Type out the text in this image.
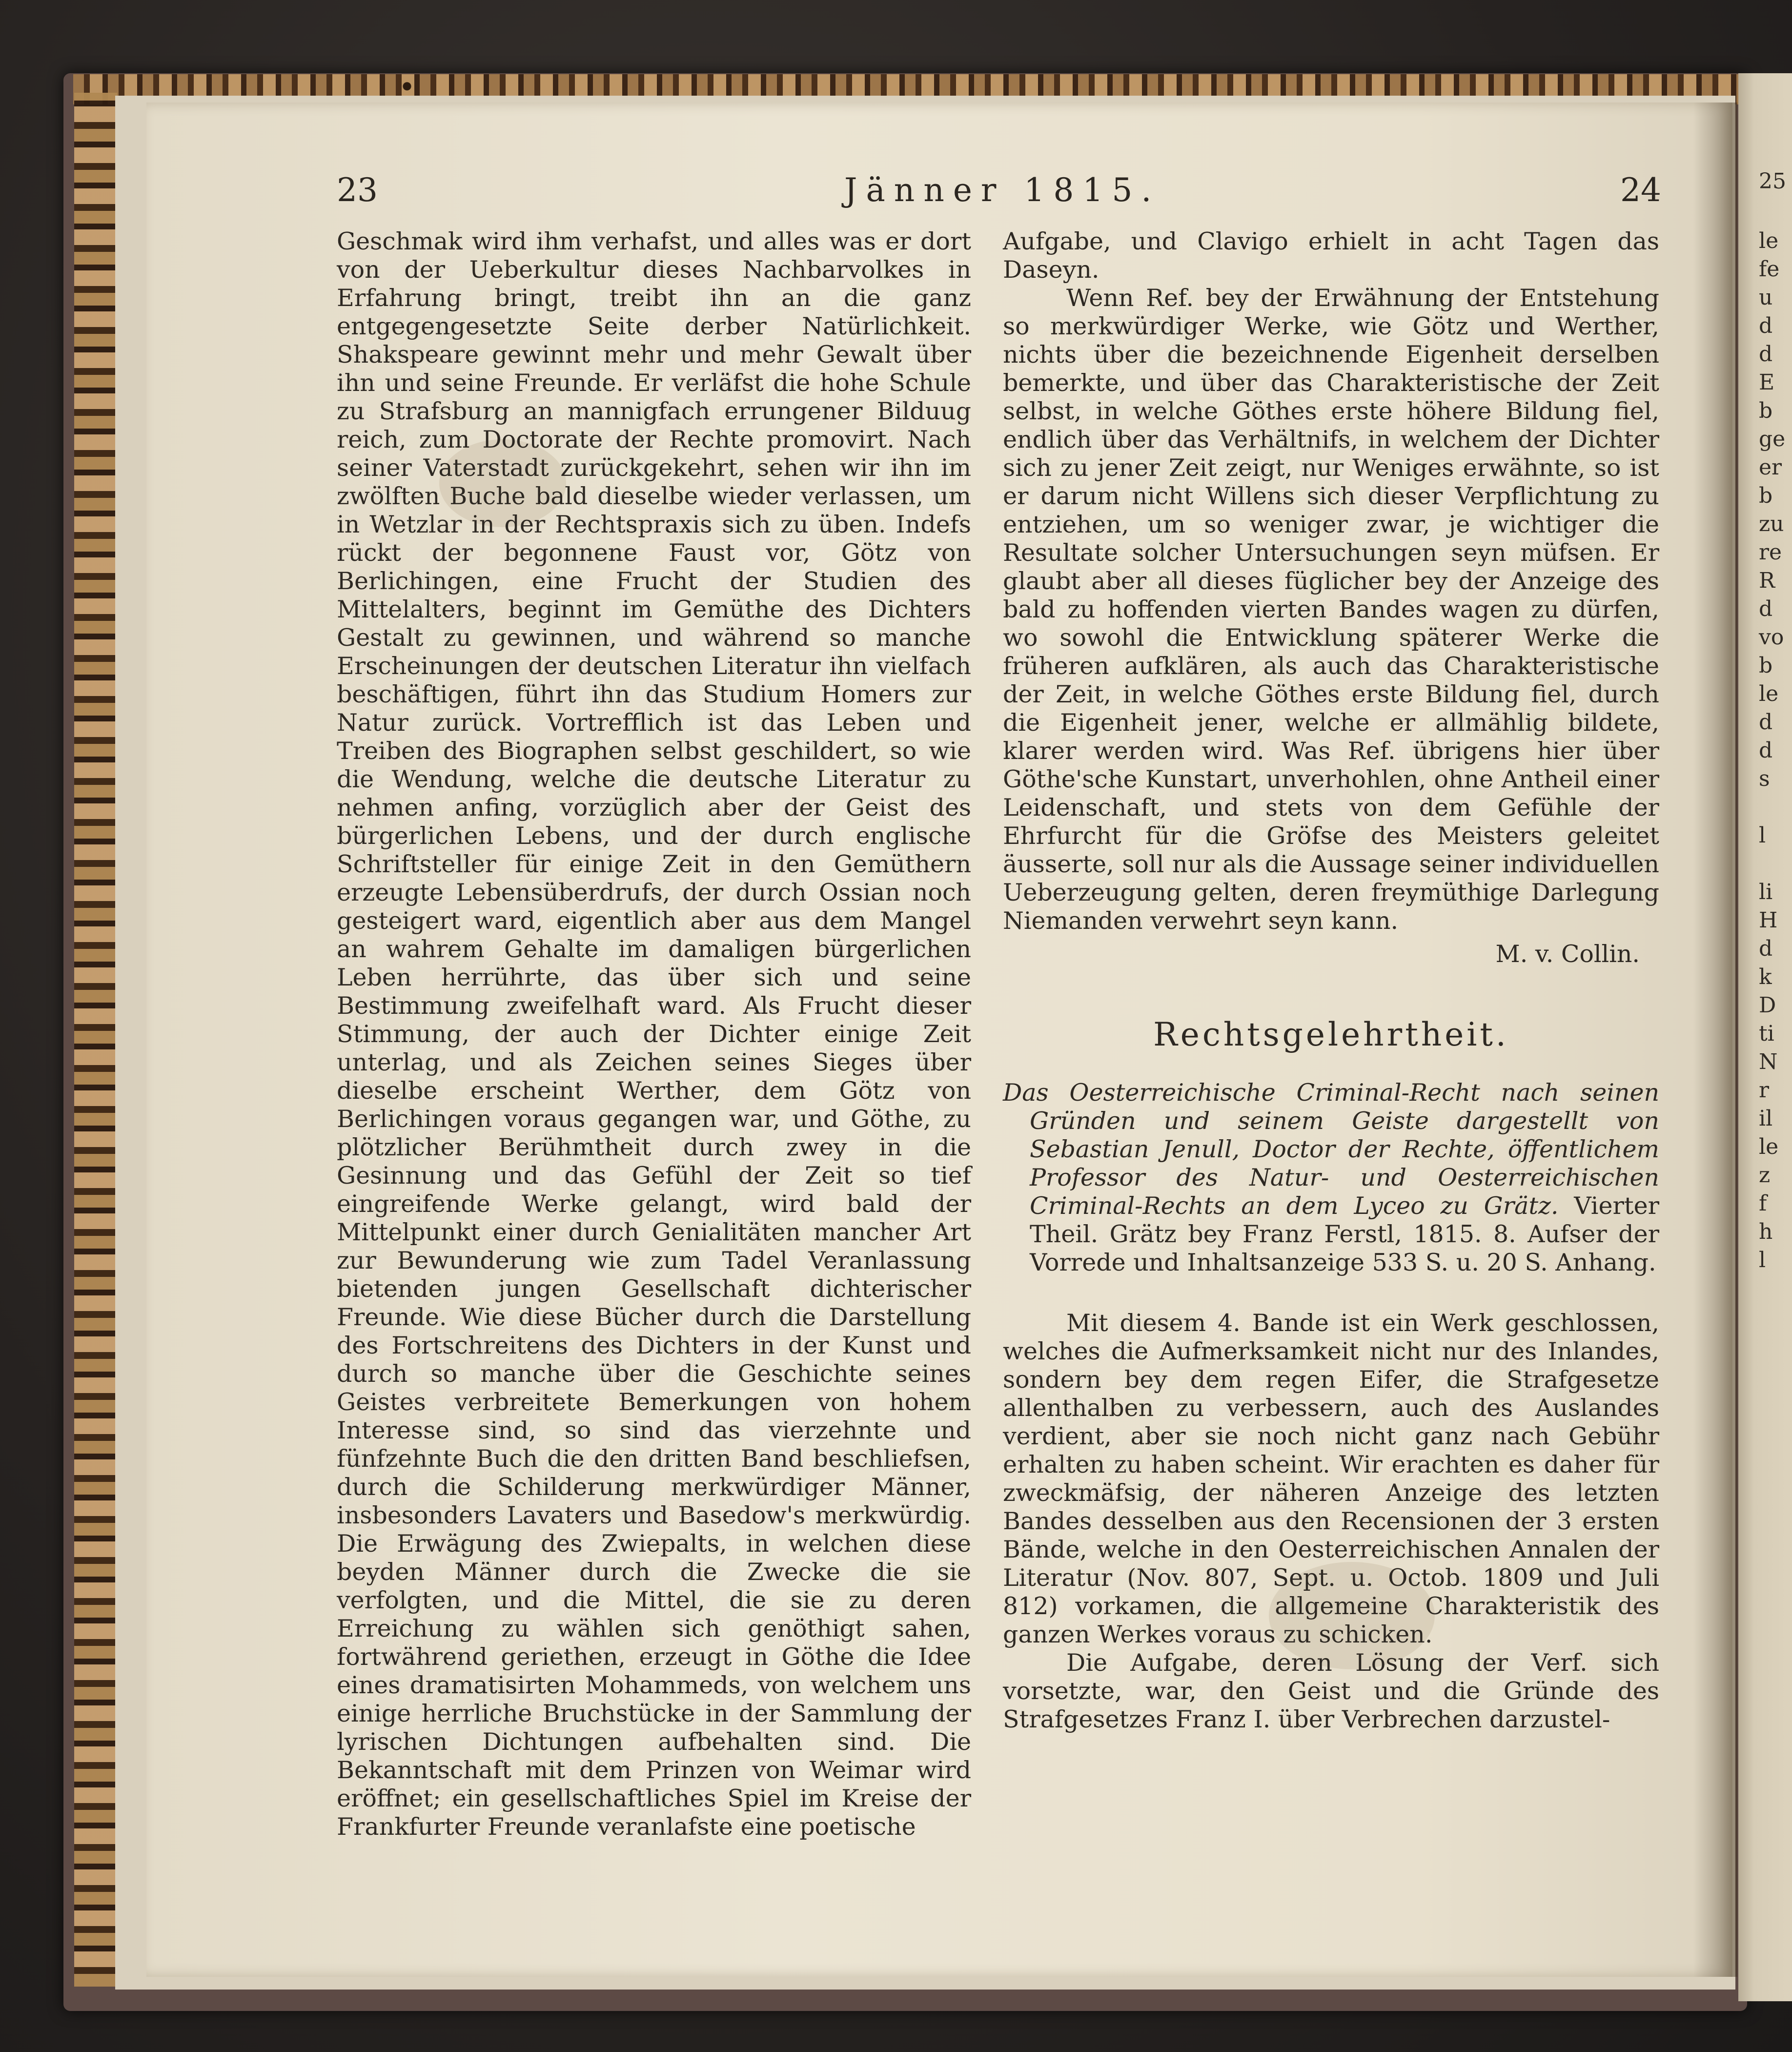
23	Jänner 1815.	24

Geschmak wird ihm verhafst, und alles was er dort von der Ueberkultur dieses Nachbarvolkes in Erfahrung bringt, treibt ihn an die ganz entgegengesetzte Seite derber Natürlichkeit. Shakspeare gewinnt mehr und mehr Gewalt über ihn und seine Freunde. Er verläfst die hohe Schule zu Strafsburg an mannigfach errungener Bilduug reich, zum Doctorate der Rechte promovirt. Nach seiner Vaterstadt zurückgekehrt, sehen wir ihn im zwölften Buche bald dieselbe wieder verlassen, um in Wetzlar in der Rechtspraxis sich zu üben. Indefs rückt der begonnene Faust vor, Götz von Berlichingen, eine Frucht der Studien des Mittelalters, beginnt im Gemüthe des Dichters Gestalt zu gewinnen, und während so manche Erscheinungen der deutschen Literatur ihn vielfach beschäftigen, führt ihn das Studium Homers zur Natur zurück. Vortrefflich ist das Leben und Treiben des Biographen selbst geschildert, so wie die Wendung, welche die deutsche Literatur zu nehmen anfing, vorzüglich aber der Geist des bürgerlichen Lebens, und der durch englische Schriftsteller für einige Zeit in den Gemüthern erzeugte Lebensüberdrufs, der durch Ossian noch gesteigert ward, eigentlich aber aus dem Mangel an wahrem Gehalte im damaligen bürgerlichen Leben herrührte, das über sich und seine Bestimmung zweifelhaft ward. Als Frucht dieser Stimmung, der auch der Dichter einige Zeit unterlag, und als Zeichen seines Sieges über dieselbe erscheint Werther, dem Götz von Berlichingen voraus gegangen war, und Göthe, zu plötzlicher Berühmtheit durch zwey in die Gesinnung und das Gefühl der Zeit so tief eingreifende Werke gelangt, wird bald der Mittelpunkt einer durch Genialitäten mancher Art zur Bewunderung wie zum Tadel Veranlassung bietenden jungen Gesellschaft dichterischer Freunde. Wie diese Bücher durch die Darstellung des Fortschreitens des Dichters in der Kunst und durch so manche über die Geschichte seines Geistes verbreitete Bemerkungen von hohem Interesse sind, so sind das vierzehnte und fünfzehnte Buch die den dritten Band beschliefsen, durch die Schilderung merkwürdiger Männer, insbesonders Lavaters und Basedow's merkwürdig. Die Erwägung des Zwiepalts, in welchen diese beyden Männer durch die Zwecke die sie verfolgten, und die Mittel, die sie zu deren Erreichung zu wählen sich genöthigt sahen, fortwährend geriethen, erzeugt in Göthe die Idee eines dramatisirten Mohammeds, von welchem uns einige herrliche Bruchstücke in der Sammlung der lyrischen Dichtungen aufbehalten sind. Die Bekanntschaft mit dem Prinzen von Weimar wird eröffnet; ein gesellschaftliches Spiel im Kreise der Frankfurter Freunde veranlafste eine poetische

Aufgabe, und Clavigo erhielt in acht Tagen das Daseyn.

Wenn Ref. bey der Erwähnung der Entstehung so merkwürdiger Werke, wie Götz und Werther, nichts über die bezeichnende Eigenheit derselben bemerkte, und über das Charakteristische der Zeit selbst, in welche Göthes erste höhere Bildung fiel, endlich über das Verhältnifs, in welchem der Dichter sich zu jener Zeit zeigt, nur Weniges erwähnte, so ist er darum nicht Willens sich dieser Verpflichtung zu entziehen, um so weniger zwar, je wichtiger die Resultate solcher Untersuchungen seyn müfsen. Er glaubt aber all dieses füglicher bey der Anzeige des bald zu hoffenden vierten Bandes wagen zu dürfen, wo sowohl die Entwicklung späterer Werke die früheren aufklären, als auch das Charakteristische der Zeit, in welche Göthes erste Bildung fiel, durch die Eigenheit jener, welche er allmählig bildete, klarer werden wird. Was Ref. übrigens hier über Göthe'sche Kunstart, unverhohlen, ohne Antheil einer Leidenschaft, und stets von dem Gefühle der Ehrfurcht für die Gröfse des Meisters geleitet äusserte, soll nur als die Aussage seiner individuellen Ueberzeugung gelten, deren freymüthige Darlegung Niemanden verwehrt seyn kann.

M. v. Collin.

Rechtsgelehrtheit.

Das Oesterreichische Criminal-Recht nach seinen Gründen und seinem Geiste dargestellt von Sebastian Jenull, Doctor der Rechte, öffentlichem Professor des Natur- und Oesterreichischen Criminal-Rechts an dem Lyceo zu Grätz. Vierter Theil. Grätz bey Franz Ferstl, 1815. 8. Aufser der Vorrede und Inhaltsanzeige 533 S. u. 20 S. Anhang.

Mit diesem 4. Bande ist ein Werk geschlossen, welches die Aufmerksamkeit nicht nur des Inlandes, sondern bey dem regen Eifer, die Strafgesetze allenthalben zu verbessern, auch des Auslandes verdient, aber sie noch nicht ganz nach Gebühr erhalten zu haben scheint. Wir erachten es daher für zweckmäfsig, der näheren Anzeige des letzten Bandes desselben aus den Recensionen der 3 ersten Bände, welche in den Oesterreichischen Annalen der Literatur (Nov. 807, Sept. u. Octob. 1809 und Juli 812) vorkamen, die allgemeine Charakteristik des ganzen Werkes voraus zu schicken.

Die Aufgabe, deren Lösung der Verf. sich vorsetzte, war, den Geist und die Gründe des Strafgesetzes Franz I. über Verbrechen darzustel-

25
le
fe
u
d
d
E
b
ge
er
b
zu
re
R
d
vo
b
le
d
d
s
l
li
H
d
k
D
ti
N
r
il
le
z
f
h
l
